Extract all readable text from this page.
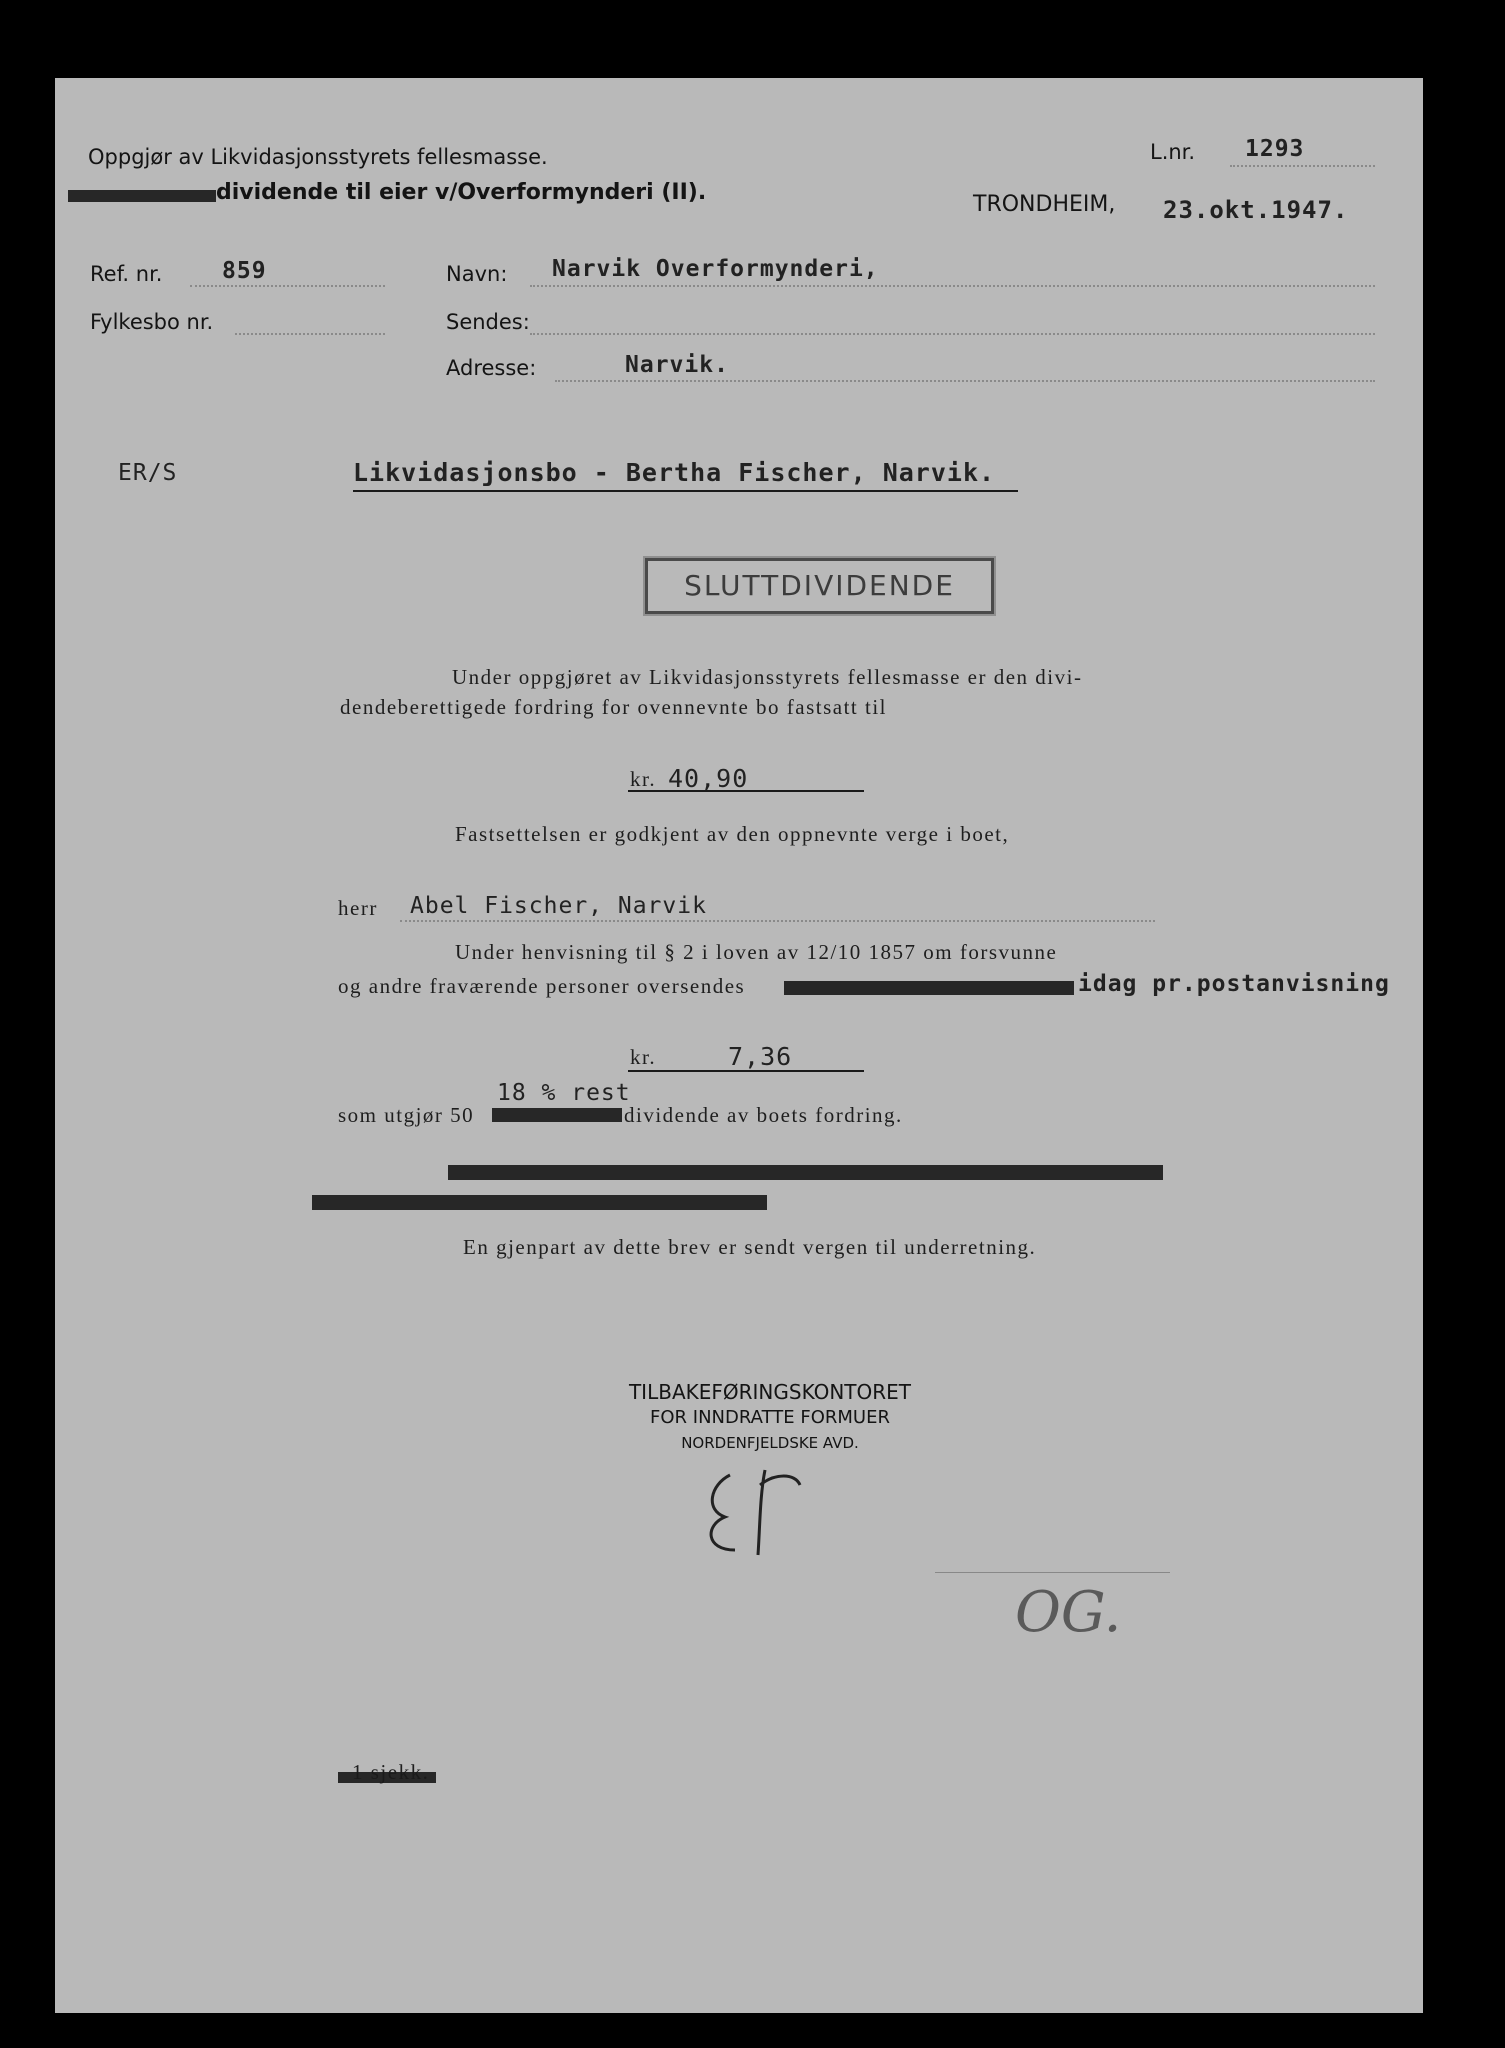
Oppgjør av Likvidasjonsstyrets fellesmasse.
dividende til eier v/Overformynderi (II).
L.nr. 1293
TRONDHEIM, 23.okt.1947.
Ref. nr.	859
Fylkesbo nr.
Navn: Narvik Overformynderi,
Sendes:
Adresse:	Narvik.
ER/S	Likvidasjonsbo - Bertha Fischer, Narvik.
SLUTTDIVIDENDE
Under oppgjøret av Likvidasjonsstyrets fellesmasse er den divi-
dendeberettigede fordring for ovennevnte bo fastsatt til
kr. 40,90
Fastsettelsen er godkjent av den oppnevnte verge i boet,
herr Abel Fischer, Narvik
Under henvisning til § 2 i loven av 12/10 1857 om forsvunne
og andre fraværende personer oversendes	idag pr.postanvisning
kr.	7,36
18 % rest
som utgjør 50	dividende av boets fordring.
En gjenpart av dette brev er sendt vergen til underretning.
TILBAKEFØRINGSKONTORET
FOR INNDRATTE FORMUER
NORDENFJELDSKE AVD.
OG.
